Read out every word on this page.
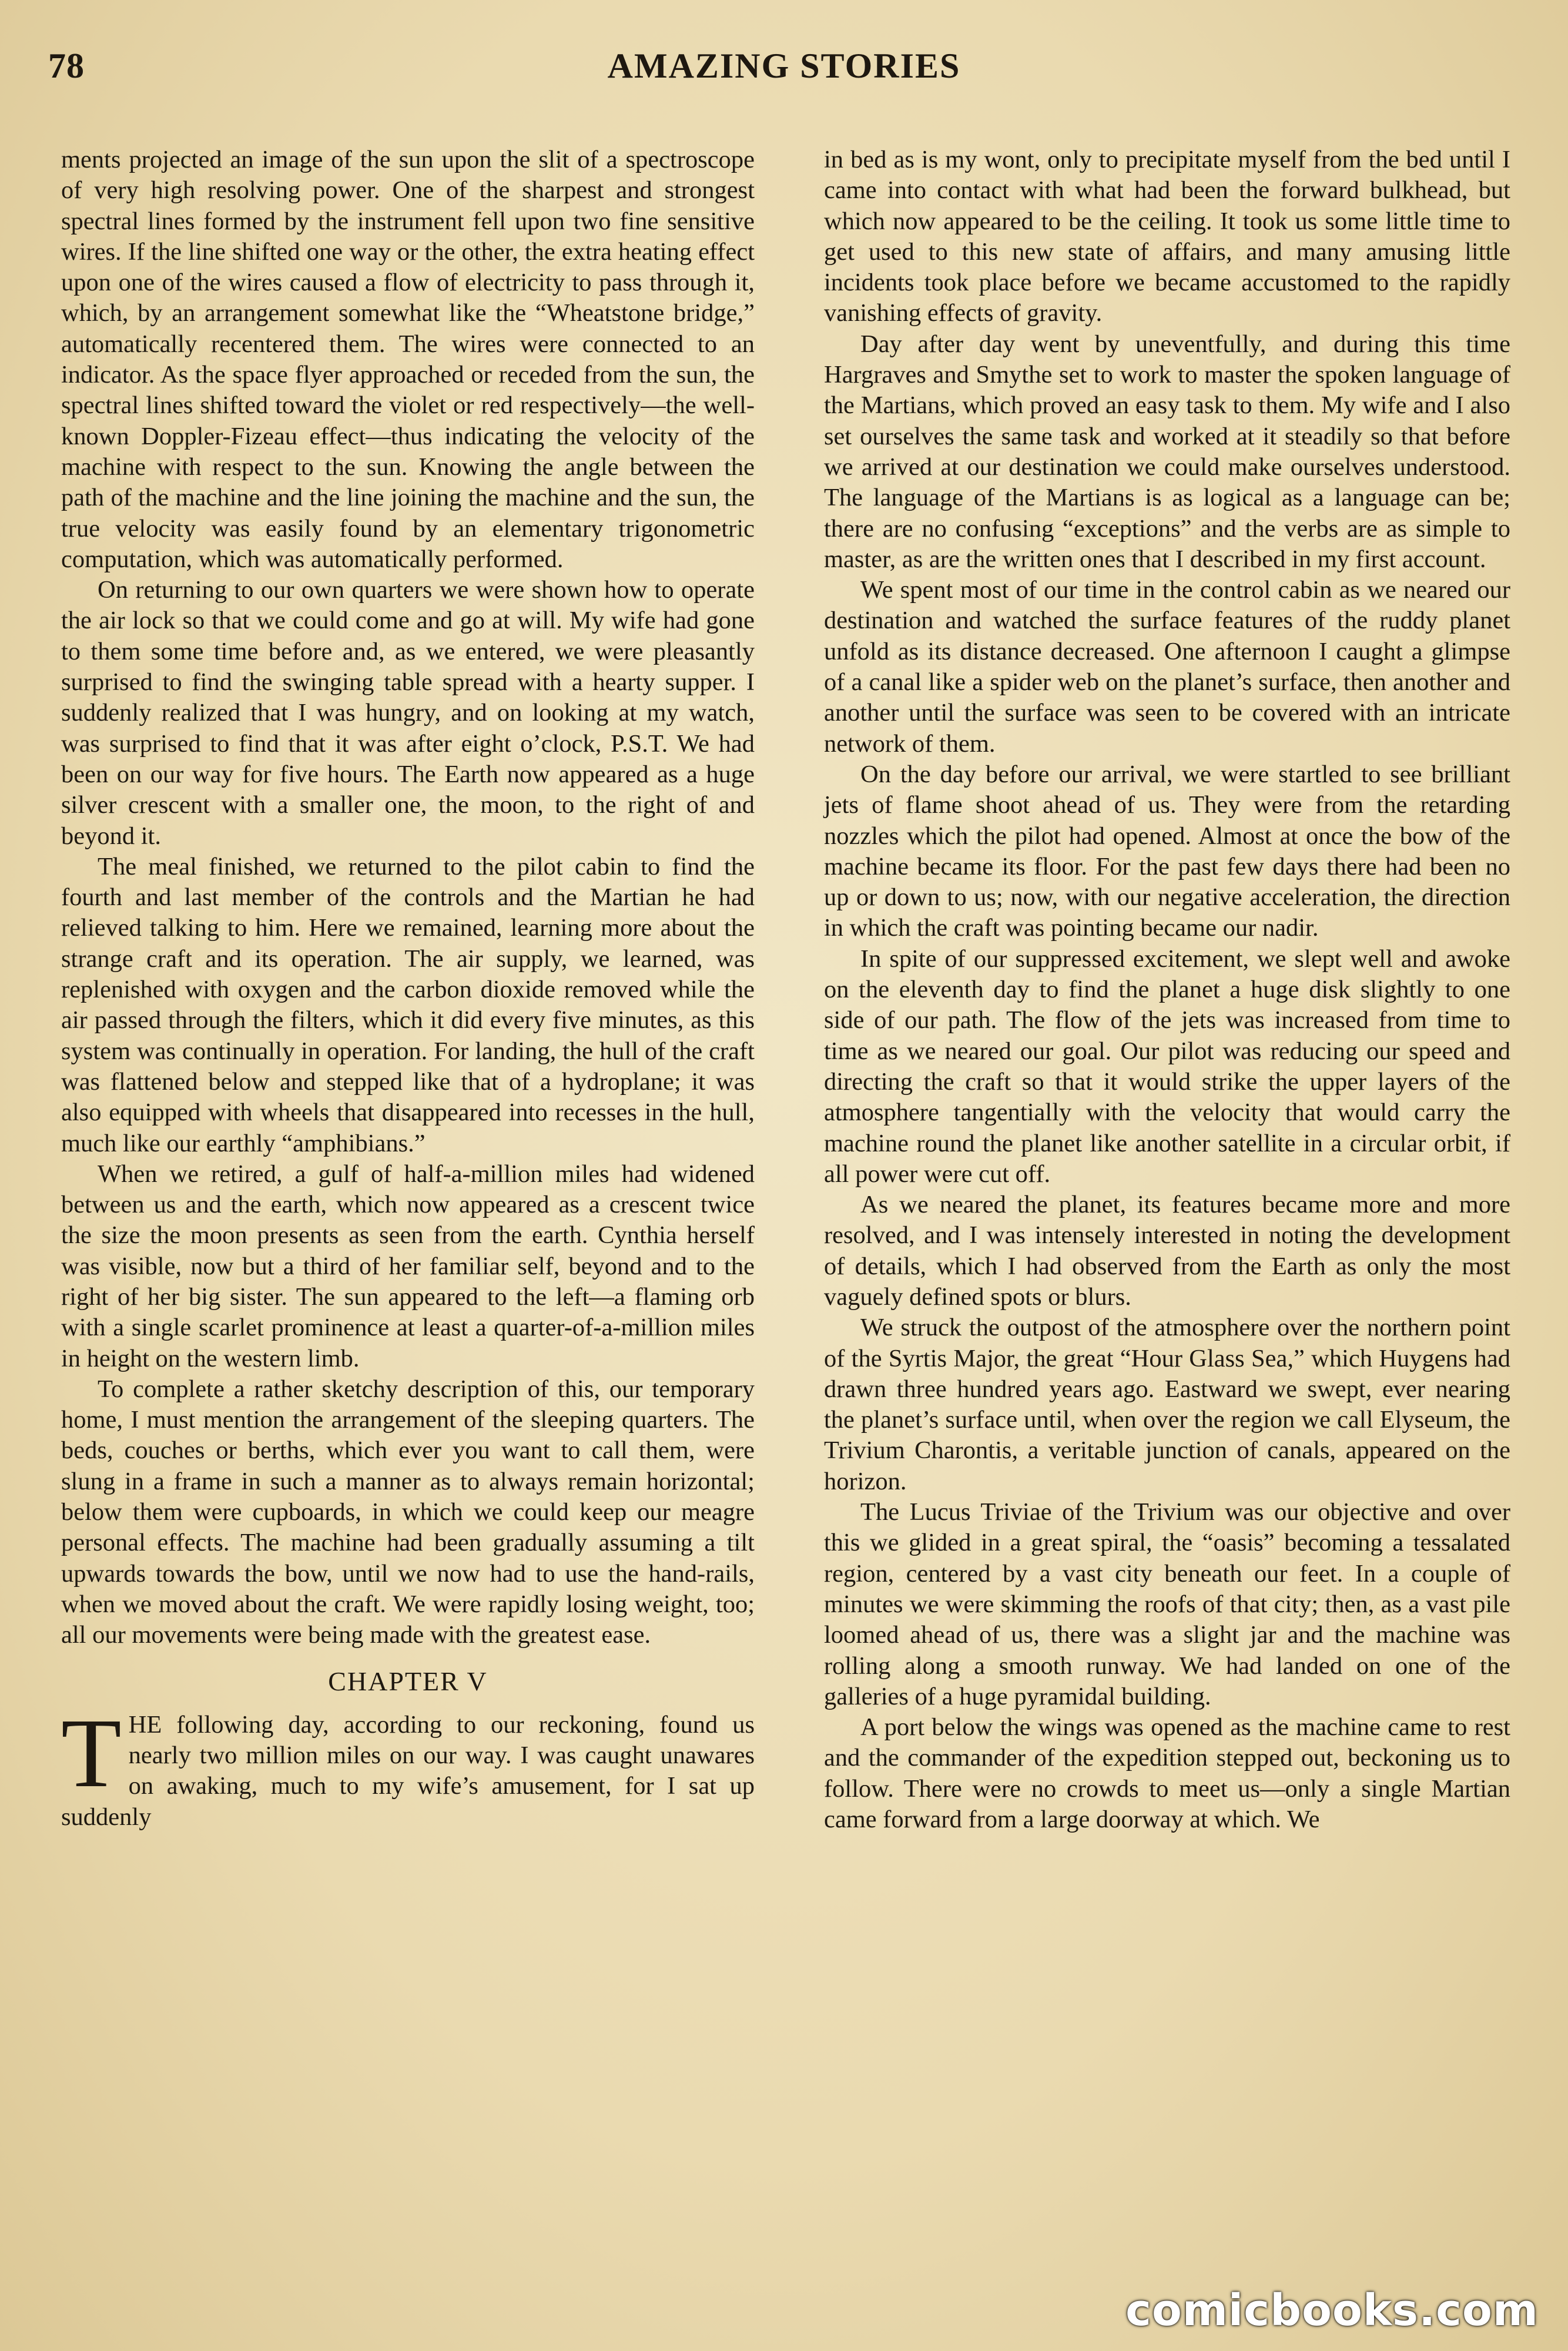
78	AMAZING STORIES

ments projected an image of the sun upon the slit of a spectroscope of very high resolving power. One of the sharpest and strongest spectral lines formed by the instrument fell upon two fine sensitive wires. If the line shifted one way or the other, the extra heating effect upon one of the wires caused a flow of electricity to pass through it, which, by an arrangement somewhat like the “Wheatstone bridge,” automatically recentered them. The wires were connected to an indicator. As the space flyer approached or receded from the sun, the spectral lines shifted toward the violet or red respectively—the well-known Doppler-Fizeau effect—thus indicating the velocity of the machine with respect to the sun. Knowing the angle between the path of the machine and the line joining the machine and the sun, the true velocity was easily found by an elementary trigonometric computation, which was automatically performed.

On returning to our own quarters we were shown how to operate the air lock so that we could come and go at will. My wife had gone to them some time before and, as we entered, we were pleasantly surprised to find the swinging table spread with a hearty supper. I suddenly realized that I was hungry, and on looking at my watch, was surprised to find that it was after eight o’clock, P.S.T. We had been on our way for five hours. The Earth now appeared as a huge silver crescent with a smaller one, the moon, to the right of and beyond it.

The meal finished, we returned to the pilot cabin to find the fourth and last member of the controls and the Martian he had relieved talking to him. Here we remained, learning more about the strange craft and its operation. The air supply, we learned, was replenished with oxygen and the carbon dioxide removed while the air passed through the filters, which it did every five minutes, as this system was continually in operation. For landing, the hull of the craft was flattened below and stepped like that of a hydroplane; it was also equipped with wheels that disappeared into recesses in the hull, much like our earthly “amphibians.”

When we retired, a gulf of half-a-million miles had widened between us and the earth, which now appeared as a crescent twice the size the moon presents as seen from the earth. Cynthia herself was visible, now but a third of her familiar self, beyond and to the right of her big sister. The sun appeared to the left—a flaming orb with a single scarlet prominence at least a quarter-of-a-million miles in height on the western limb.

To complete a rather sketchy description of this, our temporary home, I must mention the arrangement of the sleeping quarters. The beds, couches or berths, which ever you want to call them, were slung in a frame in such a manner as to always remain horizontal; below them were cupboards, in which we could keep our meagre personal effects. The machine had been gradually assuming a tilt upwards towards the bow, until we now had to use the hand-rails, when we moved about the craft. We were rapidly losing weight, too; all our movements were being made with the greatest ease.

CHAPTER V

THE following day, according to our reckoning, found us nearly two million miles on our way. I was caught unawares on awaking, much to my wife’s amusement, for I sat up suddenly

in bed as is my wont, only to precipitate myself from the bed until I came into contact with what had been the forward bulkhead, but which now appeared to be the ceiling. It took us some little time to get used to this new state of affairs, and many amusing little incidents took place before we became accustomed to the rapidly vanishing effects of gravity.

Day after day went by uneventfully, and during this time Hargraves and Smythe set to work to master the spoken language of the Martians, which proved an easy task to them. My wife and I also set ourselves the same task and worked at it steadily so that before we arrived at our destination we could make ourselves understood. The language of the Martians is as logical as a language can be; there are no confusing “exceptions” and the verbs are as simple to master, as are the written ones that I described in my first account.

We spent most of our time in the control cabin as we neared our destination and watched the surface features of the ruddy planet unfold as its distance decreased. One afternoon I caught a glimpse of a canal like a spider web on the planet’s surface, then another and another until the surface was seen to be covered with an intricate network of them.

On the day before our arrival, we were startled to see brilliant jets of flame shoot ahead of us. They were from the retarding nozzles which the pilot had opened. Almost at once the bow of the machine became its floor. For the past few days there had been no up or down to us; now, with our negative acceleration, the direction in which the craft was pointing became our nadir.

In spite of our suppressed excitement, we slept well and awoke on the eleventh day to find the planet a huge disk slightly to one side of our path. The flow of the jets was increased from time to time as we neared our goal. Our pilot was reducing our speed and directing the craft so that it would strike the upper layers of the atmosphere tangentially with the velocity that would carry the machine round the planet like another satellite in a circular orbit, if all power were cut off.

As we neared the planet, its features became more and more resolved, and I was intensely interested in noting the development of details, which I had observed from the Earth as only the most vaguely defined spots or blurs.

We struck the outpost of the atmosphere over the northern point of the Syrtis Major, the great “Hour Glass Sea,” which Huygens had drawn three hundred years ago. Eastward we swept, ever nearing the planet’s surface until, when over the region we call Elyseum, the Trivium Charontis, a veritable junction of canals, appeared on the horizon.

The Lucus Triviae of the Trivium was our objective and over this we glided in a great spiral, the “oasis” becoming a tessalated region, centered by a vast city beneath our feet. In a couple of minutes we were skimming the roofs of that city; then, as a vast pile loomed ahead of us, there was a slight jar and the machine was rolling along a smooth runway. We had landed on one of the galleries of a huge pyramidal building.

A port below the wings was opened as the machine came to rest and the commander of the expedition stepped out, beckoning us to follow. There were no crowds to meet us—only a single Martian came forward from a large doorway at which. We

comicbooks.com
